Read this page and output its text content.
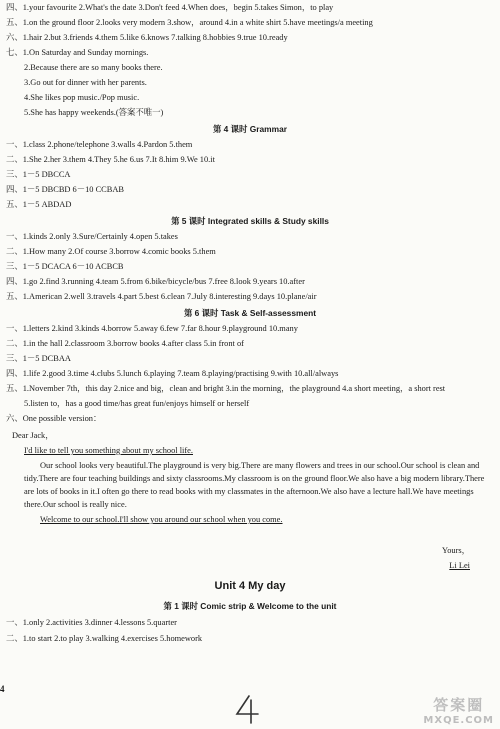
四、1.your favourite 2.What's the date 3.Don't feed 4.When does，begin 5.takes Simon，to play
五、1.on the ground floor 2.looks very modern 3.show，around 4.in a white shirt 5.have meetings/a meeting
六、1.hair 2.but 3.friends 4.them 5.like 6.knows 7.talking 8.hobbies 9.true 10.ready
七、1.On Saturday and Sunday mornings.
2.Because there are so many books there.
3.Go out for dinner with her parents.
4.She likes pop music./Pop music.
5.She has happy weekends.(答案不唯一)
第 4 课时 Grammar
一、1.class 2.phone/telephone 3.walls 4.Pardon 5.them
二、1.She 2.her 3.them 4.They 5.he 6.us 7.It 8.him 9.We 10.it
三、1－5 DBCCA
四、1－5 DBCBD 6－10 CCBAB
五、1－5 ABDAD
第 5 课时 Integrated skills & Study skills
一、1.kinds 2.only 3.Sure/Certainly 4.open 5.takes
二、1.How many 2.Of course 3.borrow 4.comic books 5.them
三、1－5 DCACA 6－10 ACBCB
四、1.go 2.find 3.running 4.team 5.from 6.bike/bicycle/bus 7.free 8.look 9.years 10.after
五、1.American 2.well 3.travels 4.part 5.best 6.clean 7.July 8.interesting 9.days 10.plane/air
第 6 课时 Task & Self-assessment
一、1.letters 2.kind 3.kinds 4.borrow 5.away 6.few 7.far 8.hour 9.playground 10.many
二、1.in the hall 2.classroom 3.borrow books 4.after class 5.in front of
三、1－5 DCBAA
四、1.life 2.good 3.time 4.clubs 5.lunch 6.playing 7.team 8.playing/practising 9.with 10.all/always
五、1.November 7th，this day 2.nice and big，clean and bright 3.in the morning，the playground 4.a short meeting，a short rest
5.listen to，has a good time/has great fun/enjoys himself or herself
六、One possible version：
Dear Jack，
I'd like to tell you something about my school life.
Our school looks very beautiful.The playground is very big.There are many flowers and trees in our school.Our school is clean and tidy.There are four teaching buildings and sixty classrooms.My classroom is on the ground floor.We also have a big modern library.There are lots of books in it.I often go there to read books with my classmates in the afternoon.We also have a lecture hall.We have meetings there.Our school is really nice.
Welcome to our school.I'll show you around our school when you come.
Yours，
Li Lei
Unit 4 My day
第 1 课时 Comic strip & Welcome to the unit
一、1.only 2.activities 3.dinner 4.lessons 5.quarter
二、1.to start 2.to play 3.walking 4.exercises 5.homework
4
答案圈
MXQE.COM
